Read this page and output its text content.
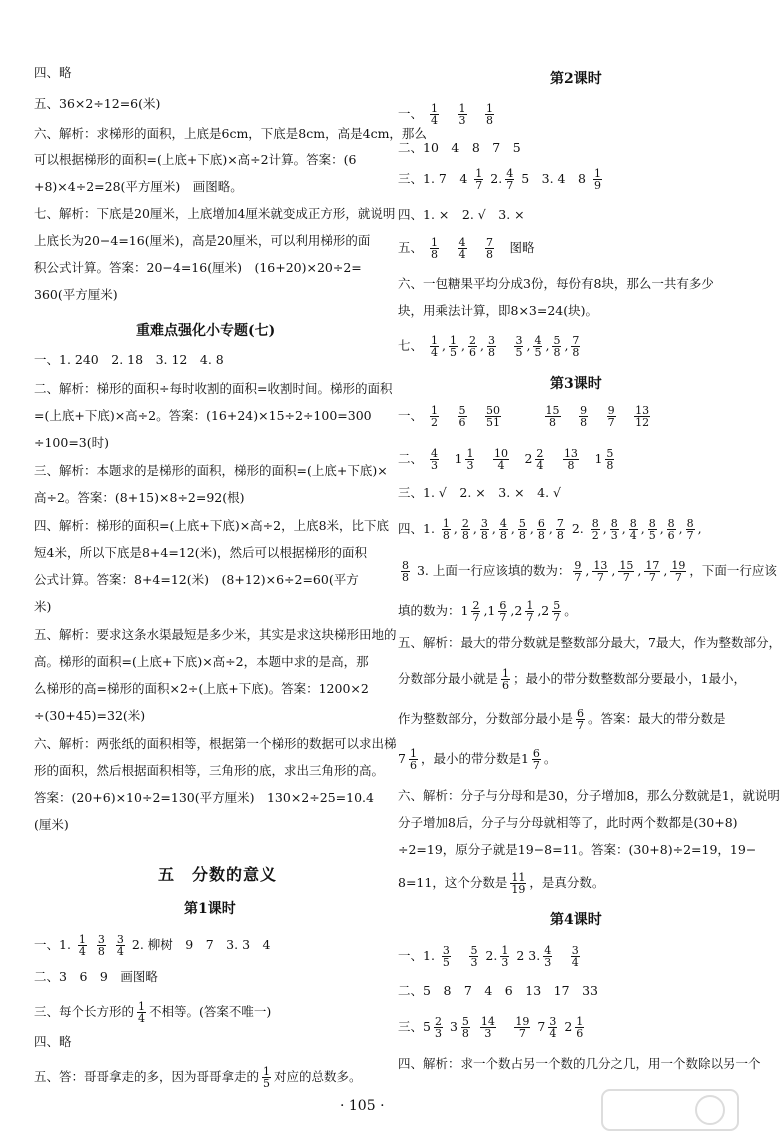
四、略
五、36×2÷12=6(米)
六、解析：求梯形的面积，上底是6cm，下底是8cm，高是4cm，那么
可以根据梯形的面积=(上底+下底)×高÷2计算。答案：(6
+8)×4÷2=28(平方厘米)　画图略。
七、解析：下底是20厘米，上底增加4厘米就变成正方形，就说明
上底长为20−4=16(厘米)，高是20厘米，可以利用梯形的面
积公式计算。答案：20−4=16(厘米)　(16+20)×20÷2=
360(平方厘米)
重难点强化小专题(七)
一、1. 240　2. 18　3. 12　4. 8
二、解析：梯形的面积÷每时收割的面积=收割时间。梯形的面积
=(上底+下底)×高÷2。答案：(16+24)×15÷2÷100=300
÷100=3(时)
三、解析：本题求的是梯形的面积，梯形的面积=(上底+下底)×
高÷2。答案：(8+15)×8÷2=92(根)
四、解析：梯形的面积=(上底+下底)×高÷2，上底8米，比下底
短4米，所以下底是8+4=12(米)，然后可以根据梯形的面积
公式计算。答案：8+4=12(米)　(8+12)×6÷2=60(平方
米)
五、解析：要求这条水渠最短是多少米，其实是求这块梯形田地的
高。梯形的面积=(上底+下底)×高÷2，本题中求的是高，那
么梯形的高=梯形的面积×2÷(上底+下底)。答案：1200×2
÷(30+45)=32(米)
六、解析：两张纸的面积相等，根据第一个梯形的数据可以求出梯
形的面积，然后根据面积相等，三角形的底，求出三角形的高。
答案：(20+6)×10÷2=130(平方厘米)　130×2÷25=10.4
(厘米)
五　分数的意义
第1课时
一、1. $\frac{1}{4}$
$\frac{3}{8}$
$\frac{3}{4} 2$. 柳树　9　7　3. 3　4
二、3　6　9　画图略
三、每个长方形的 $\frac{1}{4}$ 不相等。(答案不唯一)
四、略
五、答：哥哥拿走的多，因为哥哥拿走的 $\frac{1}{5}$ 对应的总数多。
第2课时
一、 $\frac{1}{4}$
　 $\frac{1}{3}$
　 $\frac{1}{8}$
二、10　4　8　7　5
三、1. 7　$4 \frac{1}{7} 2$. $\frac{4}{7} 5$　3. 4　$8 \frac{1}{9}$
四、1. ×　2. √　3. ×
五、 $\frac{1}{8}$
　 $\frac{4}{4}$
　 $\frac{7}{8}$
　 图略
六、一包糖果平均分成3份，每份有8块，那么一共有多少
块，用乘法计算，即8×3=24(块)。
七、 $\frac{1}{4}$ , $\frac{1}{5}$ , $\frac{2}{6}$ , $\frac{3}{8}$
　 $\frac{3}{5}$ , $\frac{4}{5}$ , $\frac{5}{8}$ , $\frac{7}{8}$
第3课时
一、 $\frac{1}{2}$
　 $\frac{5}{6}$
　 $\frac{50}{51}$
　　　	$\frac{15}{8}$
　 $\frac{9}{8}$
　 $\frac{9}{7}$
　 $\frac{13}{12}$
二、 $\frac{4}{3}$ 　$1 \frac{1}{3}$
　 $\frac{10}{4}$ 　$2 \frac{2}{4}$
　 $\frac{13}{8}$ 　$1 \frac{5}{8}$
三、1. √　2. ×　3. ×　4. √
四、1. $\frac{1}{8}$ , $\frac{2}{8}$ , $\frac{3}{8}$ , $\frac{4}{8}$ , $\frac{5}{8}$ , $\frac{6}{8}$ , $\frac{7}{8} 2$. $\frac{8}{2}$ , $\frac{8}{3}$ , $\frac{8}{4}$ , $\frac{8}{5}$ , $\frac{8}{6}$ , $\frac{8}{7}$ ,
$\frac{8}{8} 3$. 上面一行应该填的数为： $\frac{9}{7}$ , $\frac{13}{7}$ , $\frac{15}{7}$ , $\frac{17}{7}$ , $\frac{19}{7}$ ，下面一行应该
填的数为：$1 \frac{2}{7} ,1 \frac{6}{7} ,2 \frac{1}{7} ,2 \frac{5}{7}$ 。
五、解析：最大的带分数就是整数部分最大，7最大，作为整数部分，
分数部分最小就是 $\frac{1}{6}$ ；最小的带分数整数部分要最小，1最小，
作为整数部分，分数部分最小是 $\frac{6}{7}$ 。答案：最大的带分数是
$7 \frac{1}{6}$ ，最小的带分数是$1 \frac{6}{7}$ 。
六、解析：分子与分母和是30，分子增加8，那么分数就是1，就说明
分子增加8后，分子与分母就相等了，此时两个数都是(30+8)
÷2=19，原分子就是19−8=11。答案：(30+8)÷2=19，19−
8=11，这个分数是 $\frac{11}{19}$ ，是真分数。
第4课时
一、1. $\frac{3}{5}$
　 $\frac{5}{3} 2$. $\frac{1}{3} 2$ 3. $\frac{4}{3}$
　 $\frac{3}{4}$
二、5　8　7　4　6　13　17　33
三、$5 \frac{2}{3} 3 \frac{5}{8}$
$\frac{14}{3}$
　 $\frac{19}{7} 7 \frac{3}{4} 2 \frac{1}{6}$
四、解析：求一个数占另一个数的几分之几，用一个数除以另一个
· 105 ·
